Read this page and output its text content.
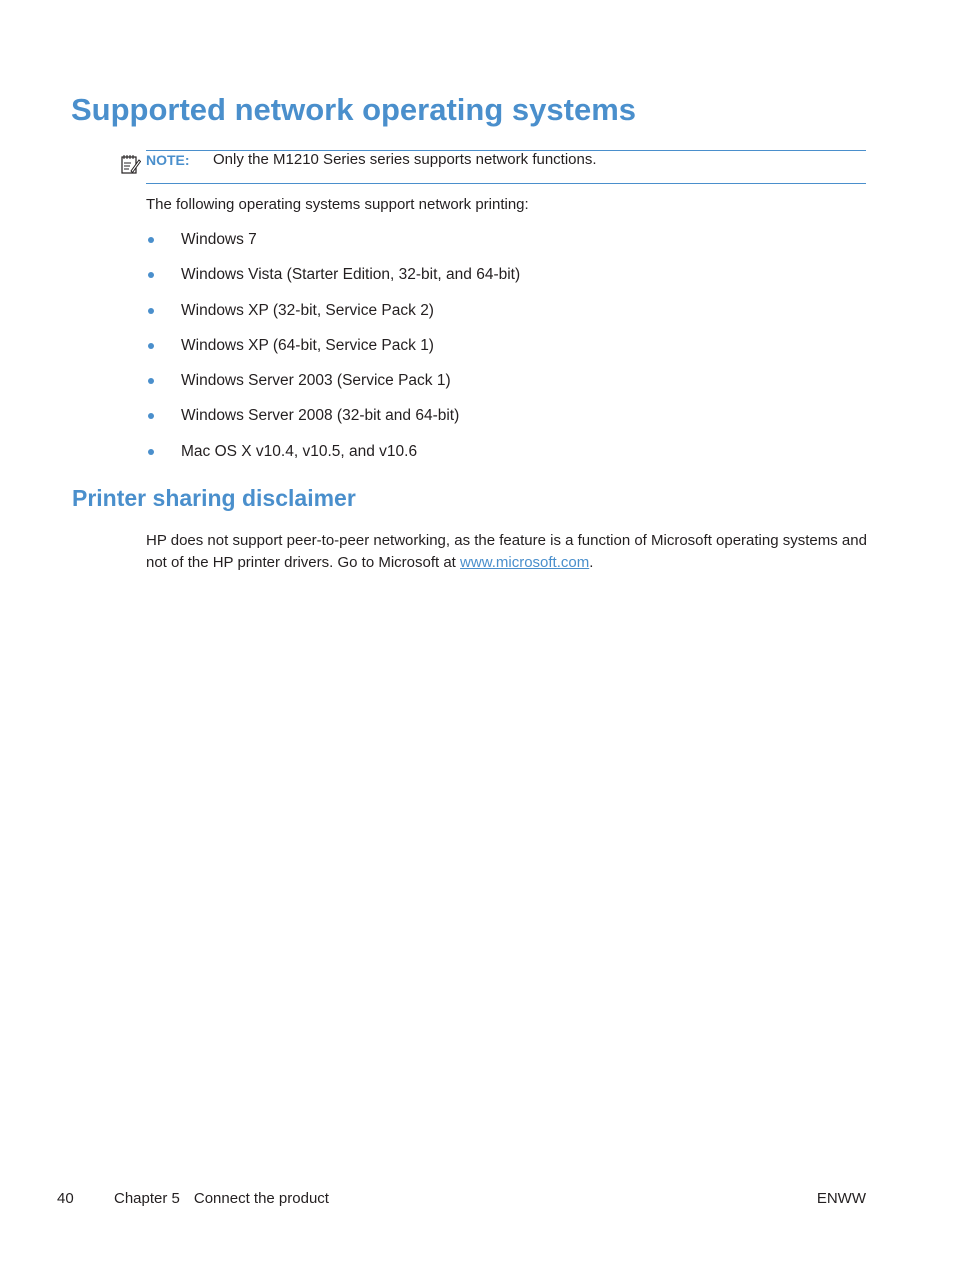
Supported network operating systems
NOTE: Only the M1210 Series series supports network functions.
The following operating systems support network printing:
Windows 7
Windows Vista (Starter Edition, 32-bit, and 64-bit)
Windows XP (32-bit, Service Pack 2)
Windows XP (64-bit, Service Pack 1)
Windows Server 2003 (Service Pack 1)
Windows Server 2008 (32-bit and 64-bit)
Mac OS X v10.4, v10.5, and v10.6
Printer sharing disclaimer

HP does not support peer-to-peer networking, as the feature is a function of Microsoft operating systems and not of the HP printer drivers. Go to Microsoft at www.microsoft.com.

40	Chapter 5 Connect the product	ENWW
